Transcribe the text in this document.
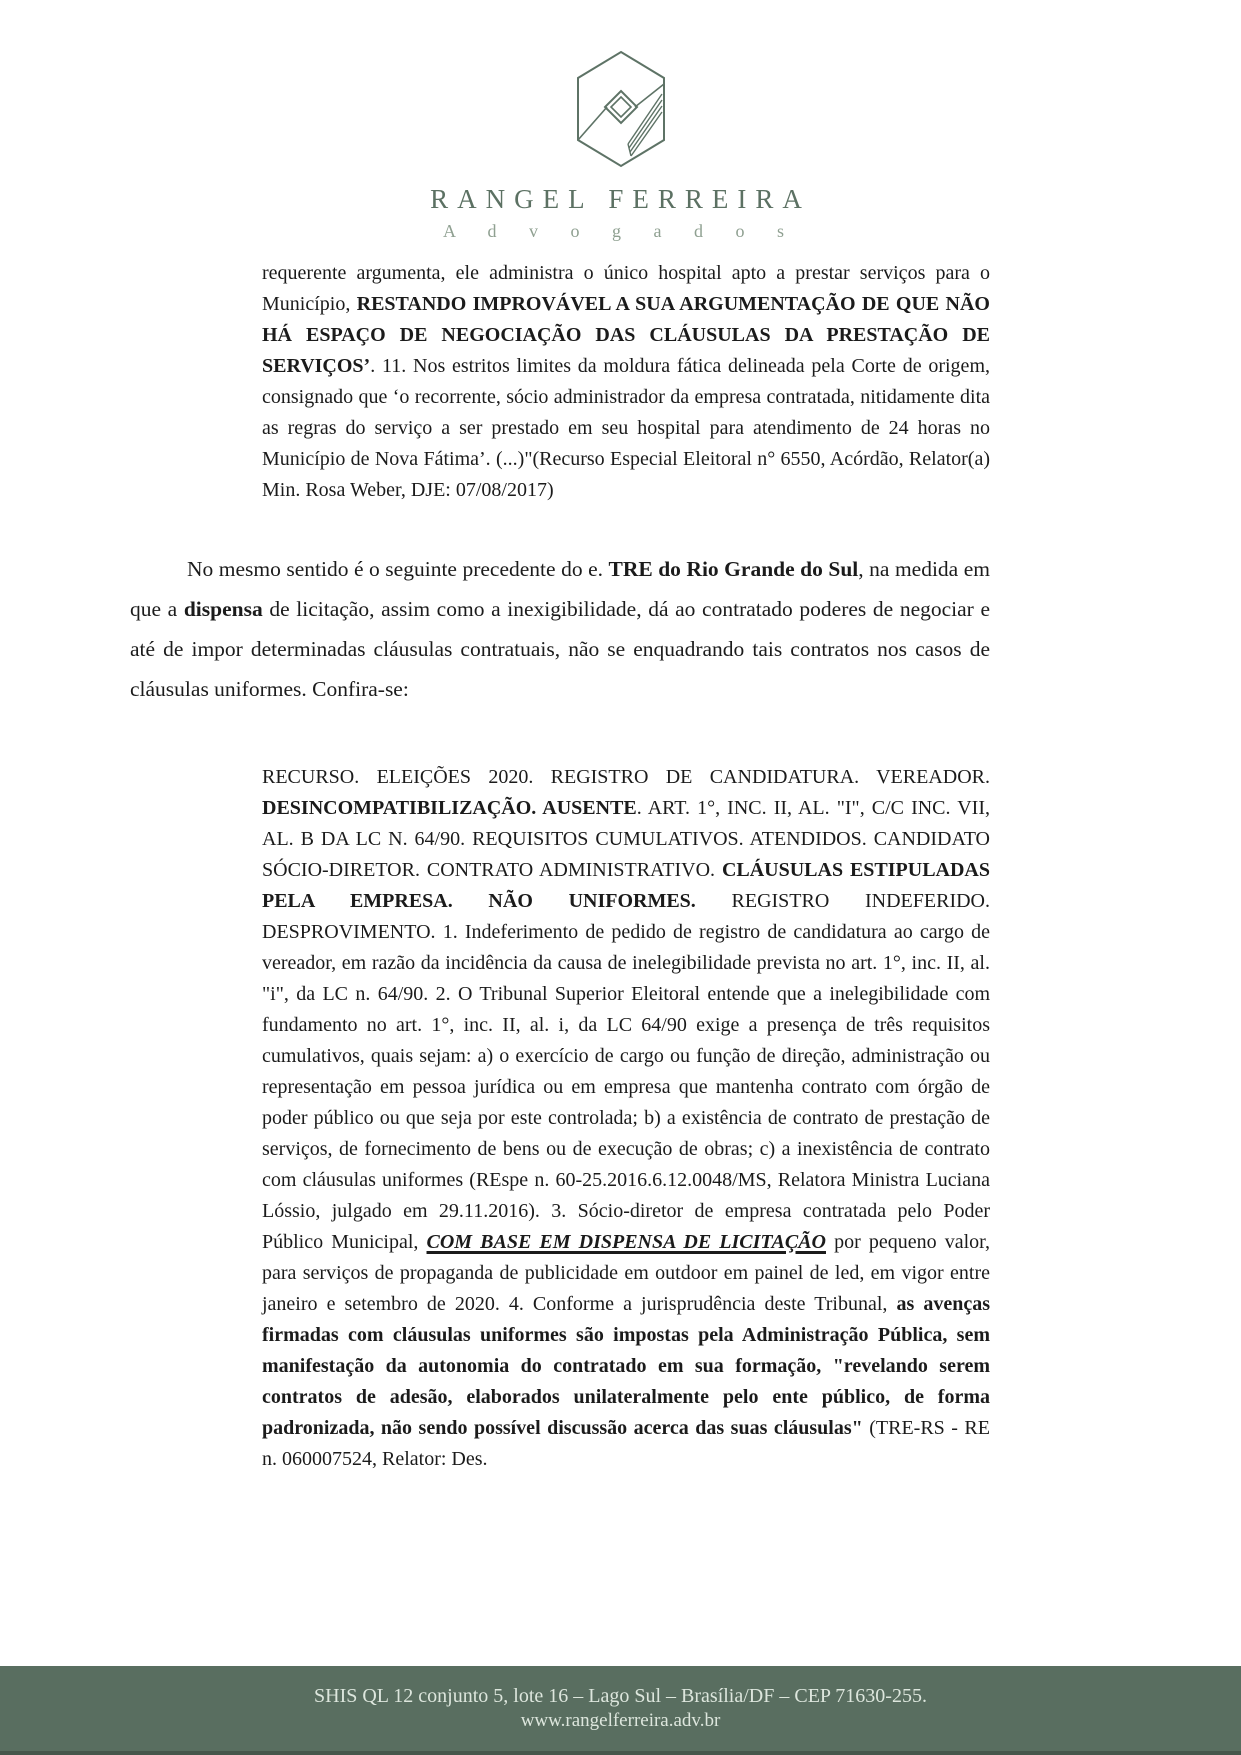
RANGEL FERREIRA
A d v o g a d o s

requerente argumenta, ele administra o único hospital apto a prestar serviços para o Município, RESTANDO IMPROVÁVEL A SUA ARGUMENTAÇÃO DE QUE NÃO HÁ ESPAÇO DE NEGOCIAÇÃO DAS CLÁUSULAS DA PRESTAÇÃO DE SERVIÇOS’. 11. Nos estritos limites da moldura fática delineada pela Corte de origem, consignado que ‘o recorrente, sócio administrador da empresa contratada, nitidamente dita as regras do serviço a ser prestado em seu hospital para atendimento de 24 horas no Município de Nova Fátima’. (...)"(Recurso Especial Eleitoral n° 6550, Acórdão, Relator(a) Min. Rosa Weber, DJE: 07/08/2017)

No mesmo sentido é o seguinte precedente do e. TRE do Rio Grande do Sul, na medida em que a dispensa de licitação, assim como a inexigibilidade, dá ao contratado poderes de negociar e até de impor determinadas cláusulas contratuais, não se enquadrando tais contratos nos casos de cláusulas uniformes. Confira-se:

RECURSO. ELEIÇÕES 2020. REGISTRO DE CANDIDATURA. VEREADOR. DESINCOMPATIBILIZAÇÃO. AUSENTE. ART. 1°, INC. II, AL. "I", C/C INC. VII, AL. B DA LC N. 64/90. REQUISITOS CUMULATIVOS. ATENDIDOS. CANDIDATO SÓCIO-DIRETOR. CONTRATO ADMINISTRATIVO. CLÁUSULAS ESTIPULADAS PELA EMPRESA. NÃO UNIFORMES. REGISTRO INDEFERIDO. DESPROVIMENTO. 1. Indeferimento de pedido de registro de candidatura ao cargo de vereador, em razão da incidência da causa de inelegibilidade prevista no art. 1°, inc. II, al. "i", da LC n. 64/90. 2. O Tribunal Superior Eleitoral entende que a inelegibilidade com fundamento no art. 1°, inc. II, al. i, da LC 64/90 exige a presença de três requisitos cumulativos, quais sejam: a) o exercício de cargo ou função de direção, administração ou representação em pessoa jurídica ou em empresa que mantenha contrato com órgão de poder público ou que seja por este controlada; b) a existência de contrato de prestação de serviços, de fornecimento de bens ou de execução de obras; c) a inexistência de contrato com cláusulas uniformes (REspe n. 60-25.2016.6.12.0048/MS, Relatora Ministra Luciana Lóssio, julgado em 29.11.2016). 3. Sócio-diretor de empresa contratada pelo Poder Público Municipal, COM BASE EM DISPENSA DE LICITAÇÃO por pequeno valor, para serviços de propaganda de publicidade em outdoor em painel de led, em vigor entre janeiro e setembro de 2020. 4. Conforme a jurisprudência deste Tribunal, as avenças firmadas com cláusulas uniformes são impostas pela Administração Pública, sem manifestação da autonomia do contratado em sua formação, "revelando serem contratos de adesão, elaborados unilateralmente pelo ente público, de forma padronizada, não sendo possível discussão acerca das suas cláusulas" (TRE-RS - RE n. 060007524, Relator: Des.

SHIS QL 12 conjunto 5, lote 16 – Lago Sul – Brasília/DF – CEP 71630-255.
www.rangelferreira.adv.br
